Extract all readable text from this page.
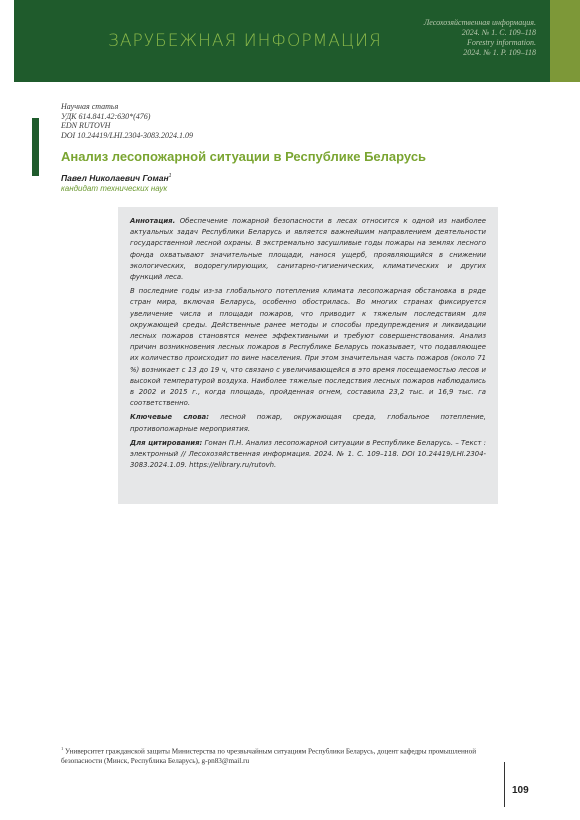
ЗАРУБЕЖНАЯ ИНФОРМАЦИЯ
Лесохозяйственная информация.
2024. № 1. С. 109–118
Forestry information.
2024. № 1. P. 109–118
Научная статья
УДК 614.841.42:630*(476)
EDN RUTOVH
DOI 10.24419/LHI.2304-3083.2024.1.09
Анализ лесопожарной ситуации в Республике Беларусь
Павел Николаевич Гоман$^1$
кандидат технических наук

Аннотация. Обеспечение пожарной безопасности в лесах относится к одной из наиболее актуальных задач Республики Беларусь и является важнейшим направлением деятельности государственной лесной охраны. В экстремально засушливые годы пожары на землях лесного фонда охватывают значительные площади, нанося ущерб, проявляющийся в снижении экологических, водорегулирующих, санитарно-гигиенических, климатических и других функций леса.

В последние годы из-за глобального потепления климата лесопожарная обстановка в ряде стран мира, включая Беларусь, особенно обострилась. Во многих странах фиксируется увеличение числа и площади пожаров, что приводит к тяжелым последствиям для окружающей среды. Действенные ранее методы и способы предупреждения и ликвидации лесных пожаров становятся менее эффективными и требуют совершенствования. Анализ причин возникновения лесных пожаров в Республике Беларусь показывает, что подавляющее их количество происходит по вине населения. При этом значительная часть пожаров (около 71 %) возникает с 13 до 19 ч, что связано с увеличивающейся в это время посещаемостью лесов и высокой температурой воздуха. Наиболее тяжелые последствия лесных пожаров наблюдались в 2002 и 2015 г., когда площадь, пройденная огнем, составила 23,2 тыс. и 16,9 тыс. га соответственно.

Ключевые слова: лесной пожар, окружающая среда, глобальное потепление, противопожарные мероприятия.

Для цитирования: Гоман П.Н. Анализ лесопожарной ситуации в Республике Беларусь. – Текст : электронный // Лесохозяйственная информация. 2024. № 1. С. 109–118. DOI 10.24419/LHI.2304-3083.2024.1.09. https://elibrary.ru/rutovh.

$^1$ Университет гражданской защиты Министерства по чрезвычайным ситуациям Республики Беларусь, доцент кафедры промышленной безопасности (Минск, Республика Беларусь), g-pn83@mail.ru
109
